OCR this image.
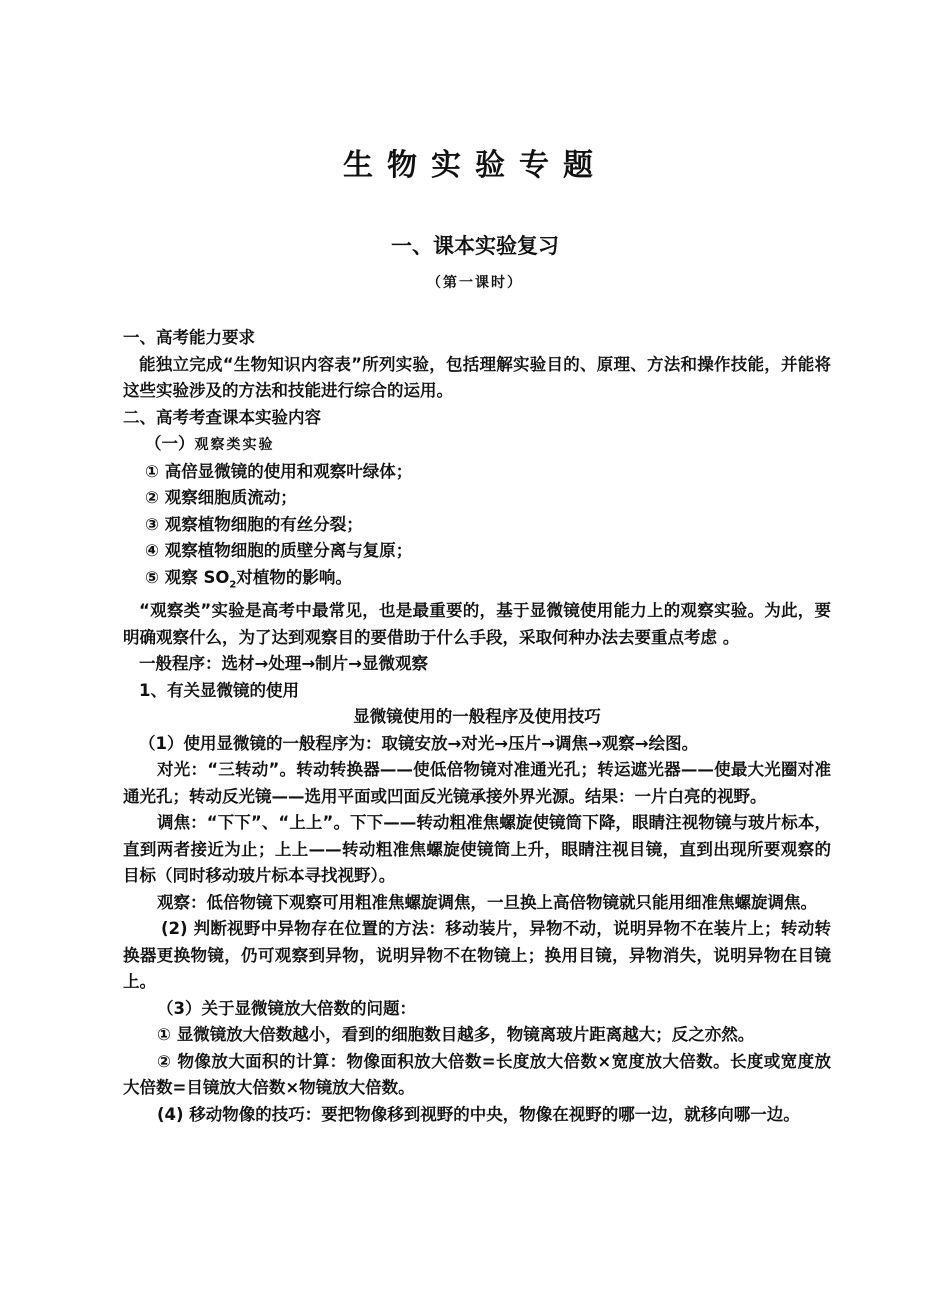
生物实验专题
一、课本实验复习
（第一课时）

一、高考能力要求

能独立完成“生物知识内容表”所列实验，包括理解实验目的、原理、方法和操作技能，并能将这些实验涉及的方法和技能进行综合的运用。

二、高考考查课本实验内容

（一）观察类实验

① 高倍显微镜的使用和观察叶绿体；

② 观察细胞质流动；

③ 观察植物细胞的有丝分裂；

④ 观察植物细胞的质壁分离与复原；

⑤ 观察 $SO_2$对植物的影响。

“观察类”实验是高考中最常见，也是最重要的，基于显微镜使用能力上的观察实验。为此，要明确观察什么，为了达到观察目的要借助于什么手段，采取何种办法去要重点考虑 。

一般程序：选材→处理→制片→显微观察

1、有关显微镜的使用

显微镜使用的一般程序及使用技巧

（1）使用显微镜的一般程序为：取镜安放→对光→压片→调焦→观察→绘图。

对光：“三转动”。转动转换器——使低倍物镜对准通光孔；转运遮光器——使最大光圈对准通光孔；转动反光镜——选用平面或凹面反光镜承接外界光源。结果：一片白亮的视野。

调焦：“下下”、“上上”。下下——转动粗准焦螺旋使镜筒下降，眼睛注视物镜与玻片标本，直到两者接近为止；上上——转动粗准焦螺旋使镜筒上升，眼睛注视目镜，直到出现所要观察的目标（同时移动玻片标本寻找视野）。

观察：低倍物镜下观察可用粗准焦螺旋调焦，一旦换上高倍物镜就只能用细准焦螺旋调焦。

(2) 判断视野中异物存在位置的方法：移动装片，异物不动，说明异物不在装片上；转动转换器更换物镜，仍可观察到异物，说明异物不在物镜上；换用目镜，异物消失，说明异物在目镜上。

（3）关于显微镜放大倍数的问题：

① 显微镜放大倍数越小，看到的细胞数目越多，物镜离玻片距离越大；反之亦然。

② 物像放大面积的计算：物像面积放大倍数=长度放大倍数×宽度放大倍数。长度或宽度放大倍数=目镜放大倍数×物镜放大倍数。

(4) 移动物像的技巧：要把物像移到视野的中央，物像在视野的哪一边，就移向哪一边。
